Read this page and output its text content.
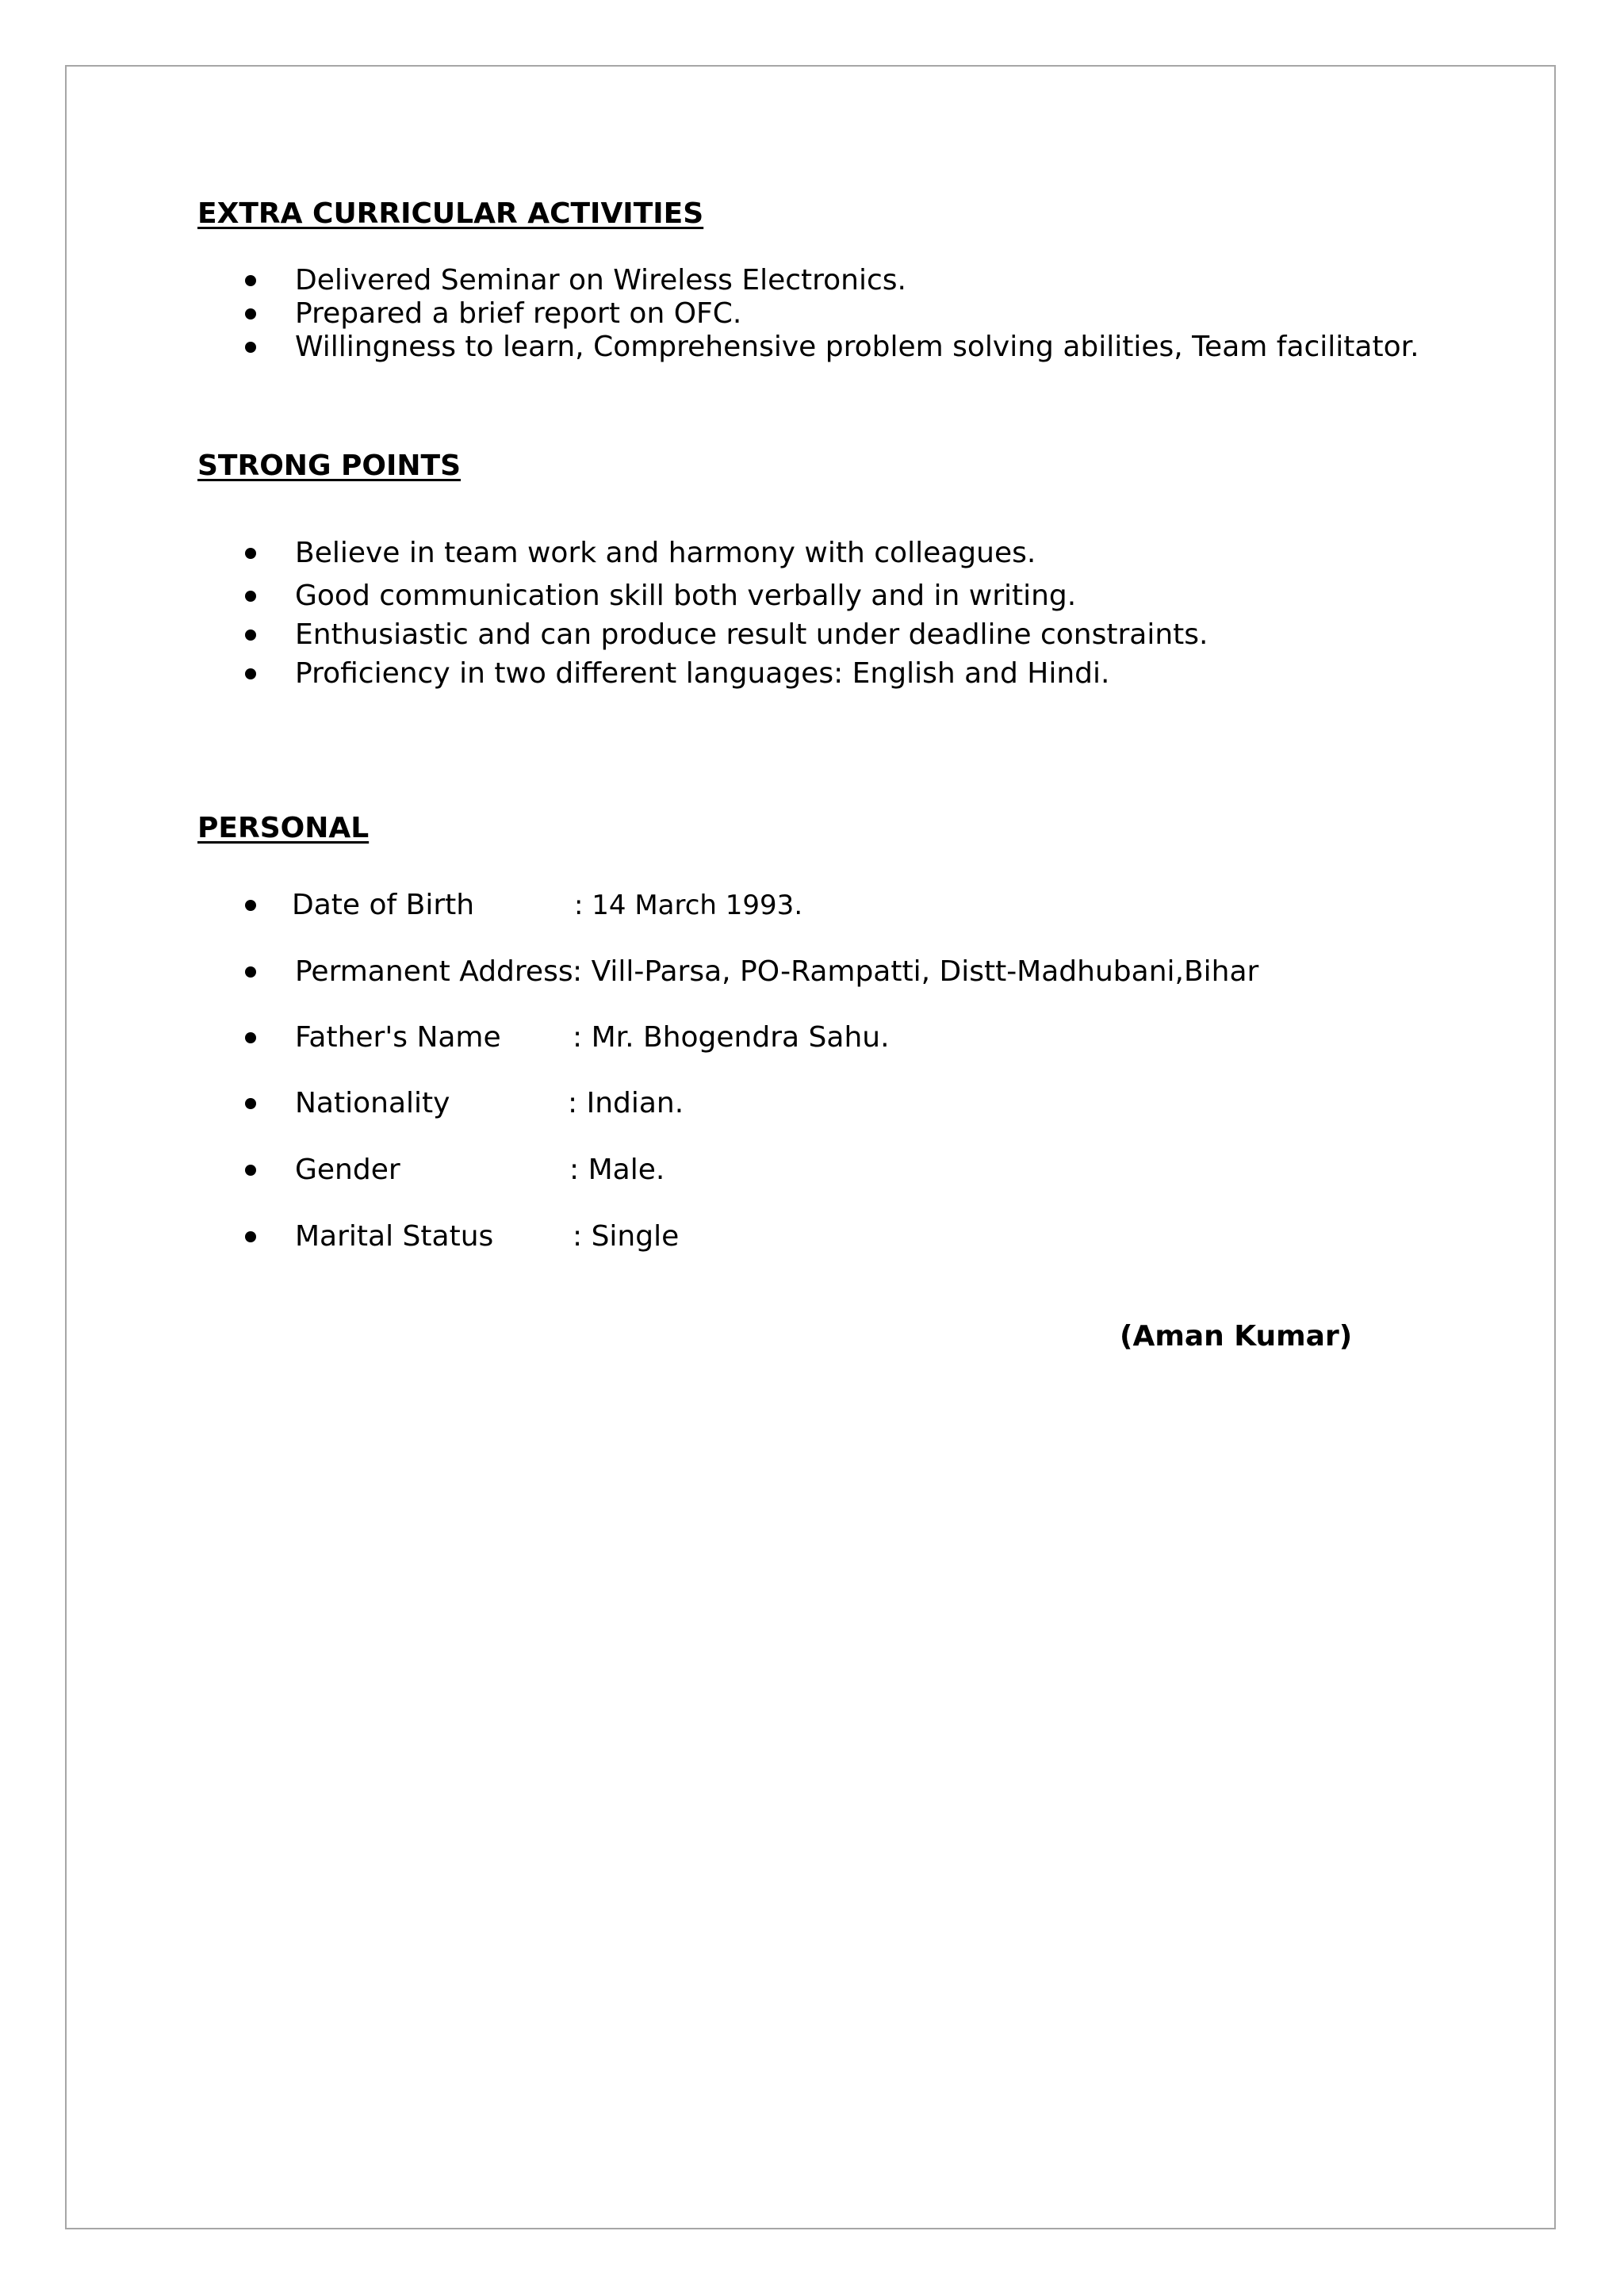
EXTRA CURRICULAR ACTIVITIES
Delivered Seminar on Wireless Electronics.
Prepared a brief report on OFC.
Willingness to learn, Comprehensive problem solving abilities, Team facilitator.
STRONG POINTS
Believe in team work and harmony with colleagues.
Good communication skill both verbally and in writing.
Enthusiastic and can produce result under deadline constraints.
Proficiency in two different languages: English and Hindi.
PERSONAL
Date of Birth	: 14 March 1993.
Permanent Address : Vill-Parsa, PO-Rampatti, Distt-Madhubani,Bihar
Father's Name	: Mr. Bhogendra Sahu.
Nationality	: Indian.
Gender	: Male.
Marital Status	: Single
(Aman Kumar)
